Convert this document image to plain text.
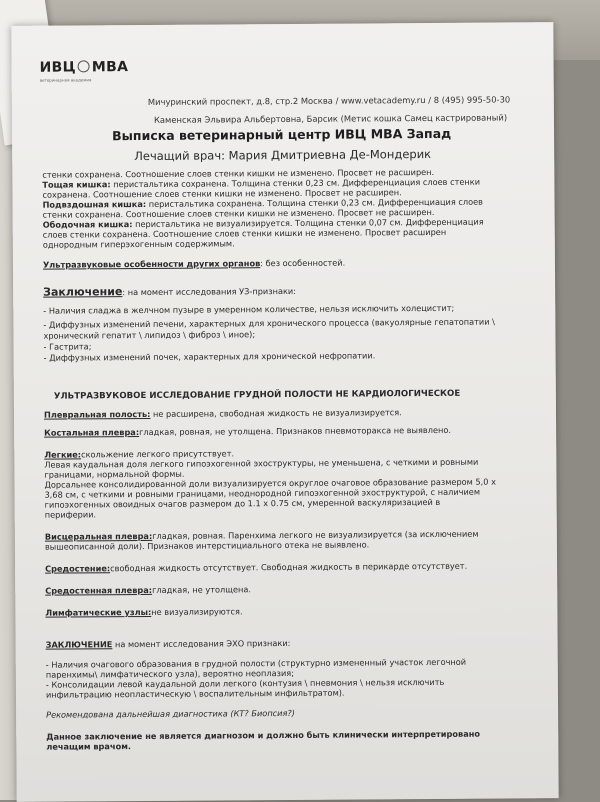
ИВЦ МВА
ветеринарная академия
Мичуринский проспект, д.8, стр.2 Москва / www.vetacademy.ru / 8 (495) 995-50-30
Каменская Эльвира Альбертовна, Барсик (Метис кошка Самец кастрированый)
Выписка ветеринарный центр ИВЦ МВА Запад
Лечащий врач: Мария Дмитриевна Де-Мондерик
стенки сохранена. Соотношение слоев стенки кишки не изменено. Просвет не расширен.
Тощая кишка: перистальтика сохранена. Толщина стенки 0,23 см. Дифференциация слоев стенки
сохранена. Соотношение слоев стенки кишки не изменено. Просвет не расширен.
Подвздошная кишка: перистальтика сохранена. Толщина стенки 0,23 см. Дифференциация слоев
стенки сохранена. Соотношение слоев стенки кишки не изменено. Просвет не расширен.
Ободочная кишка: перистальтика не визуализируется. Толщина стенки 0,07 см. Дифференциация
слоев стенки сохранена. Соотношение слоев стенки кишки не изменено. Просвет расширен
однородным гиперэхогенным содержимым.
Ультразвуковые особенности других органов: без особенностей.
Заключение: на момент исследования УЗ-признаки:
- Наличия сладжа в желчном пузыре в умеренном количестве, нельзя исключить холецистит;
- Диффузных изменений печени, характерных для хронического процесса (вакуолярные гепатопатии \
хронический гепатит \ липидоз \ фиброз \ иное);
- Гастрита;
- Диффузных изменений почек, характерных для хронической нефропатии.
УЛЬТРАЗВУКОВОЕ ИССЛЕДОВАНИЕ ГРУДНОЙ ПОЛОСТИ НЕ КАРДИОЛОГИЧЕСКОЕ
Плевральная полость: не расширена, свободная жидкость не визуализируется.
Костальная плевра:гладкая, ровная, не утолщена. Признаков пневмоторакса не выявлено.
Легкие:скольжение легкого присутствует.
Левая каудальная доля легкого гипоэхогенной эхоструктуры, не уменьшена, с четкими и ровными
границами, нормальной формы.
Дорсальнее консолидированной доли визуализируется округлое очаговое образование размером 5,0 х
3,68 см, с четкими и ровными границами, неоднородной гипоэхогенной эхоструктурой, с наличием
гипоэхогенных овоидных очагов размером до 1.1 х 0.75 см, умеренной васкуляризацией в
периферии.
Висцеральная плевра:гладкая, ровная. Паренхима легкого не визуализируется (за исключением
вышеописанной доли). Признаков интерстициального отека не выявлено.
Средостение:свободная жидкость отсутствует. Свободная жидкость в перикарде отсутствует.
Средостенная плевра:гладкая, не утолщена.
Лимфатические узлы:не визуализируются.
ЗАКЛЮЧЕНИЕ на момент исследования ЭХО признаки:
- Наличия очагового образования в грудной полости (структурно измененный участок легочной
паренхимы\ лимфатического узла), вероятно неоплазия;
- Консолидации левой каудальной доли легкого (контузия \ пневмония \ нельзя исключить
инфильтрацию неопластическую \ воспалительным инфильтратом).
Рекомендована дальнейшая диагностика (КТ? Биопсия?)
Данное заключение не является диагнозом и должно быть клинически интерпретировано
лечащим врачом.
